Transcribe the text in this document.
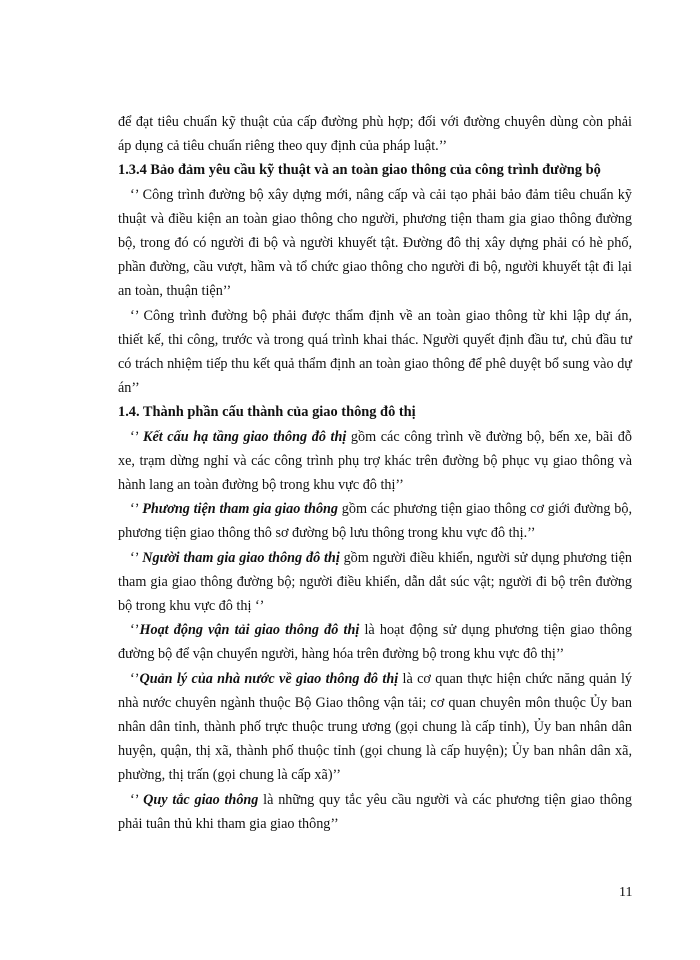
để đạt tiêu chuẩn kỹ thuật của cấp đường phù hợp; đối với đường chuyên dùng còn phải áp dụng cả tiêu chuẩn riêng theo quy định của pháp luật.’’

1.3.4 Bảo đảm yêu cầu kỹ thuật và an toàn giao thông của công trình đường bộ

‘’ Công trình đường bộ xây dựng mới, nâng cấp và cải tạo phải bảo đảm tiêu chuẩn kỹ thuật và điều kiện an toàn giao thông cho người, phương tiện tham gia giao thông đường bộ, trong đó có người đi bộ và người khuyết tật. Đường đô thị xây dựng phải có hè phố, phần đường, cầu vượt, hầm và tổ chức giao thông cho người đi bộ, người khuyết tật đi lại an toàn, thuận tiện’’

‘’ Công trình đường bộ phải được thẩm định về an toàn giao thông từ khi lập dự án, thiết kế, thi công, trước và trong quá trình khai thác. Người quyết định đầu tư, chủ đầu tư có trách nhiệm tiếp thu kết quả thẩm định an toàn giao thông để phê duyệt bổ sung vào dự án’’

1.4. Thành phần cấu thành của giao thông đô thị

‘’ Kết cấu hạ tầng giao thông đô thị gồm các công trình về đường bộ, bến xe, bãi đỗ xe, trạm dừng nghỉ và các công trình phụ trợ khác trên đường bộ phục vụ giao thông và hành lang an toàn đường bộ trong khu vực đô thị’’

‘’ Phương tiện tham gia giao thông gồm các phương tiện giao thông cơ giới đường bộ, phương tiện giao thông thô sơ đường bộ lưu thông trong khu vực đô thị.’’

‘’ Người tham gia giao thông đô thị gồm người điều khiển, người sử dụng phương tiện tham gia giao thông đường bộ; người điều khiển, dẫn dắt súc vật; người đi bộ trên đường bộ trong khu vực đô thị ‘’

‘’Hoạt động vận tải giao thông đô thị là hoạt động sử dụng phương tiện giao thông đường bộ để vận chuyển người, hàng hóa trên đường bộ trong khu vực đô thị’’

‘’Quản lý của nhà nước về giao thông đô thị là cơ quan thực hiện chức năng quản lý nhà nước chuyên ngành thuộc Bộ Giao thông vận tải; cơ quan chuyên môn thuộc Ủy ban nhân dân tỉnh, thành phố trực thuộc trung ương (gọi chung là cấp tỉnh), Ủy ban nhân dân huyện, quận, thị xã, thành phố thuộc tỉnh (gọi chung là cấp huyện); Ủy ban nhân dân xã, phường, thị trấn (gọi chung là cấp xã)’’

‘’ Quy tắc giao thông là những quy tắc yêu cầu người và các phương tiện giao thông phải tuân thủ khi tham gia giao thông’’

11
